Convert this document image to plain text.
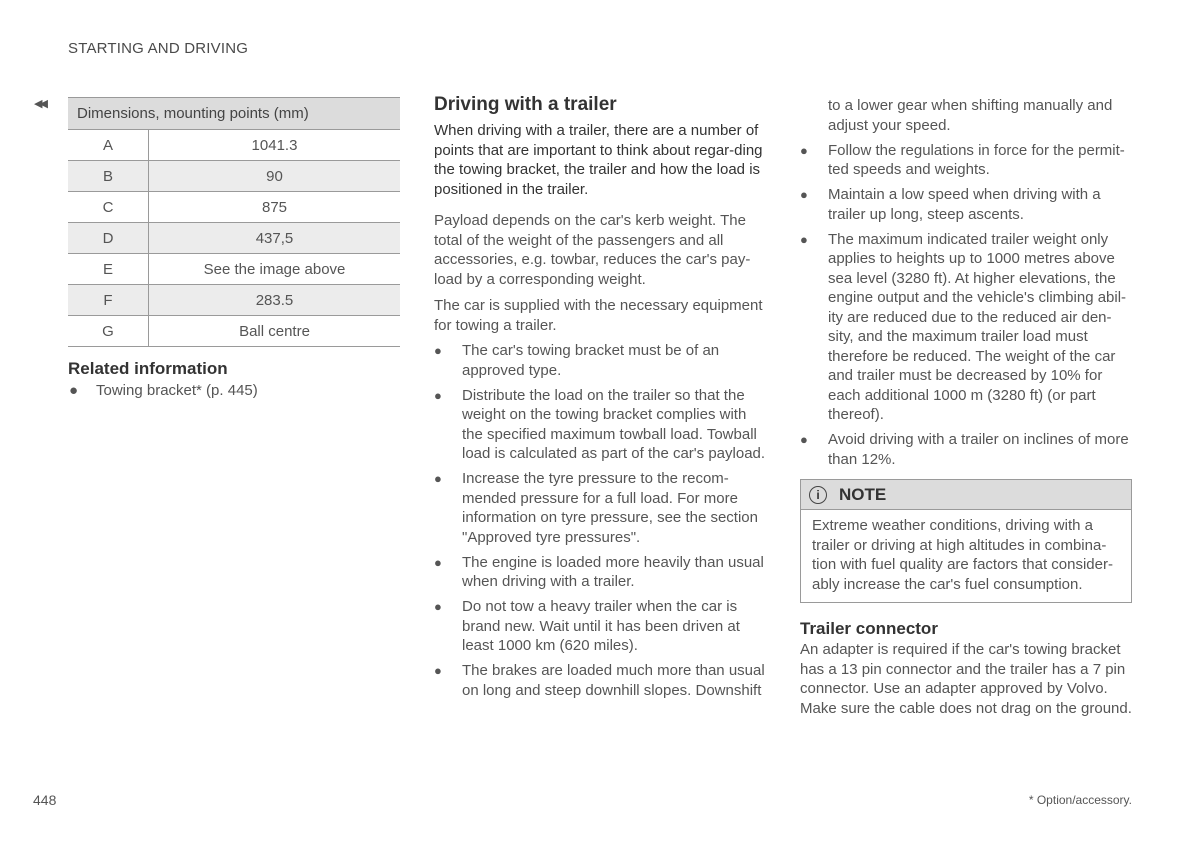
STARTING AND DRIVING
◀◀
Dimensions, mounting points (mm)	
A	1041.3
B	90
C	875
D	437,5
E	See the image above
F	283.5
G	Ball centre
Related information
● Towing bracket* (p. 445)
Driving with a trailer

When driving with a trailer, there are a number of points that are important to think about regar-ding the towing bracket, the trailer and how the load is positioned in the trailer.

Payload depends on the car's kerb weight. The total of the weight of the passengers and all accessories, e.g. towbar, reduces the car's pay-load by a corresponding weight.

The car is supplied with the necessary equipment for towing a trailer.

● The car's towing bracket must be of an approved type.
● Distribute the load on the trailer so that the weight on the towing bracket complies with the specified maximum towball load. Towball load is calculated as part of the car's payload.
● Increase the tyre pressure to the recom-mended pressure for a full load. For more information on tyre pressure, see the section "Approved tyre pressures".
● The engine is loaded more heavily than usual when driving with a trailer.
● Do not tow a heavy trailer when the car is brand new. Wait until it has been driven at least 1000 km (620 miles).
● The brakes are loaded much more than usual on long and steep downhill slopes. Downshift

to a lower gear when shifting manually and adjust your speed.

● Follow the regulations in force for the permit-ted speeds and weights.
● Maintain a low speed when driving with a trailer up long, steep ascents.
● The maximum indicated trailer weight only applies to heights up to 1000 metres above sea level (3280 ft). At higher elevations, the engine output and the vehicle's climbing abil-ity are reduced due to the reduced air den-sity, and the maximum trailer load must therefore be reduced. The weight of the car and trailer must be decreased by 10% for each additional 1000 m (3280 ft) (or part thereof).
● Avoid driving with a trailer on inclines of more than 12%.
i	NOTE
Extreme weather conditions, driving with a trailer or driving at high altitudes in combina-tion with fuel quality are factors that consider-ably increase the car's fuel consumption.
Trailer connector
An adapter is required if the car's towing bracket has a 13 pin connector and the trailer has a 7 pin connector. Use an adapter approved by Volvo. Make sure the cable does not drag on the ground.
448	* Option/accessory.
